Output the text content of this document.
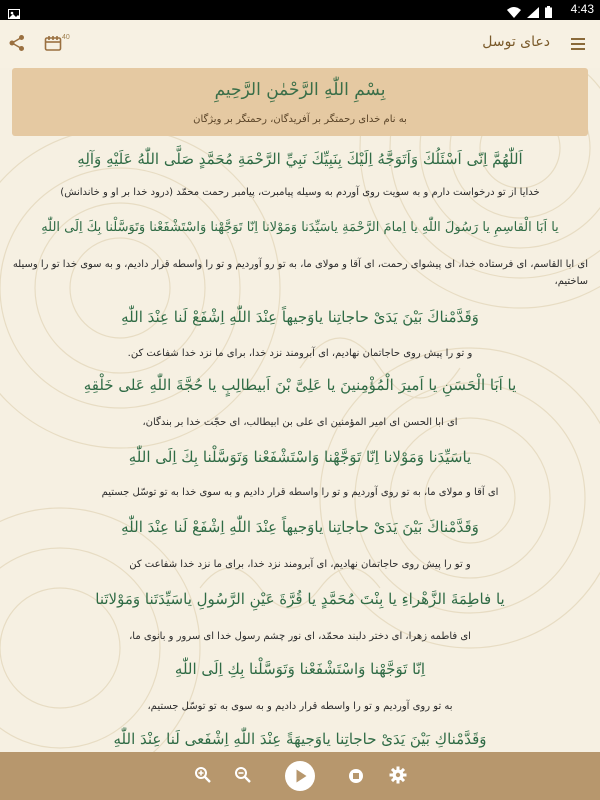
4:43
40	دعای توسل
بِسْمِ اللّٰهِ الرَّحْمٰنِ الرَّحِيمِ
به نام خداى رحمتگر بر آفريدگان، رحمتگر بر ويژگان
اَللّٰهُمَّ اِنّى اَسْئَلُكَ وَاَتَوَجَّهُ اِلَيْكَ بِنَبِيِّكَ نَبِيِّ الرَّحْمَةِ مُحَمَّدٍ صَلَّى اللّٰهُ عَلَيْهِ وَآلِهِ
خدايا از تو درخواست دارم و به سويت روى آوردم به وسيله پيامبرت، پيامبر رحمت محمّد (درود خدا بر او و خاندانش)
يا اَبَا الْقاسِمِ يا رَسُولَ اللّٰهِ يا اِمامَ الرَّحْمَةِ ياسَيِّدَنا وَمَوْلانا اِنّا تَوَجَّهْنا وَاسْتَشْفَعْنا وَتَوَسَّلْنا بِكَ اِلَى اللّٰهِ
اى ابا القاسم، اى فرستاده خدا، اى پيشواى رحمت، اى آقا و مولاى ما، به تو رو آورديم و تو را واسطه قرار داديم، و به سوى خدا تو را وسيله ساختيم،
وَقَدَّمْناكَ بَيْنَ يَدَىْ حاجاتِنا ياوَجيهاً عِنْدَ اللّٰهِ اِشْفَعْ لَنا عِنْدَ اللّٰهِ
و تو را پيش روى حاجاتمان نهاديم، اى آبرومند نزد خدا، براى ما نزد خدا شفاعت كن.
يا اَبَا الْحَسَنِ يا اَميرَ الْمُؤْمِنينَ يا عَلِىَّ بْنَ اَبيطالِبٍ يا حُجَّةَ اللّٰهِ عَلى خَلْقِهِ
اى ابا الحسن اى امير المؤمنين اى على بن ابيطالب، اى حجّت خدا بر بندگان،
ياسَيِّدَنا وَمَوْلانا اِنّا تَوَجَّهْنا وَاسْتَشْفَعْنا وَتَوَسَّلْنا بِكَ اِلَى اللّٰهِ
اى آقا و مولاى ما، به تو روى آورديم و تو را واسطه قرار داديم و به سوى خدا به تو توسّل جستيم
وَقَدَّمْناكَ بَيْنَ يَدَىْ حاجاتِنا ياوَجيهاً عِنْدَ اللّٰهِ اِشْفَعْ لَنا عِنْدَ اللّٰهِ
و تو را پيش روى حاجاتمان نهاديم، اى آبرومند نزد خدا، براى ما نزد خدا شفاعت كن
يا فاطِمَةَ الزَّهْراءِ يا بِنْتَ مُحَمَّدٍ يا قُرَّةَ عَيْنِ الرَّسُولِ ياسَيِّدَتَنا وَمَوْلاتَنا
اى فاطمه زهرا، اى دختر دلبند محمّد، اى نور چشم رسول خدا اى سرور و بانوى ما،
اِنّا تَوَجَّهْنا وَاسْتَشْفَعْنا وَتَوَسَّلْنا بِكِ اِلَى اللّٰهِ
به تو روى آورديم و تو را واسطه قرار داديم و به سوى به تو توسّل جستيم،
وَقَدَّمْناكِ بَيْنَ يَدَىْ حاجاتِنا ياوَجيهَةً عِنْدَ اللّٰهِ اِشْفَعى لَنا عِنْدَ اللّٰهِ
